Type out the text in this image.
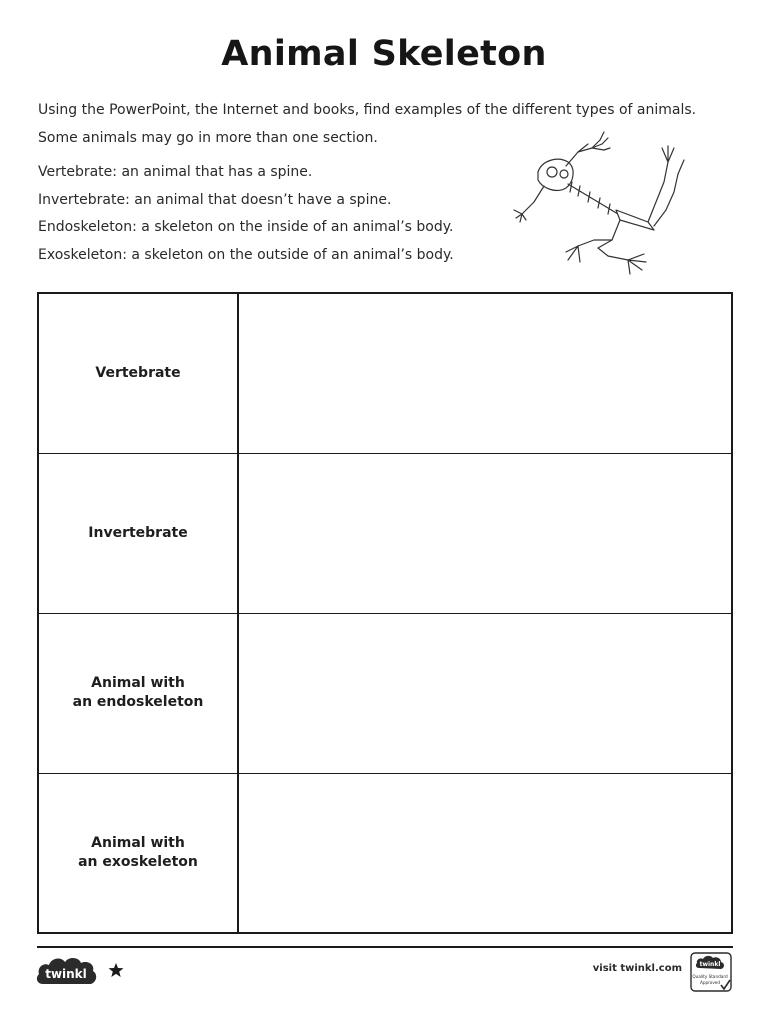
Animal Skeleton
Using the PowerPoint, the Internet and books, find examples of the different types of animals.
Some animals may go in more than one section.
Vertebrate: an animal that has a spine.
Invertebrate: an animal that doesn’t have a spine.
Endoskeleton: a skeleton on the inside of an animal’s body.
Exoskeleton: a skeleton on the outside of an animal’s body.
Vertebrate	

Invertebrate	

Animal with
an endoskeleton	

Animal with
an exoskeleton	

twinkl	visit twinkl.com	twinkl
Quality Standard
Approved
